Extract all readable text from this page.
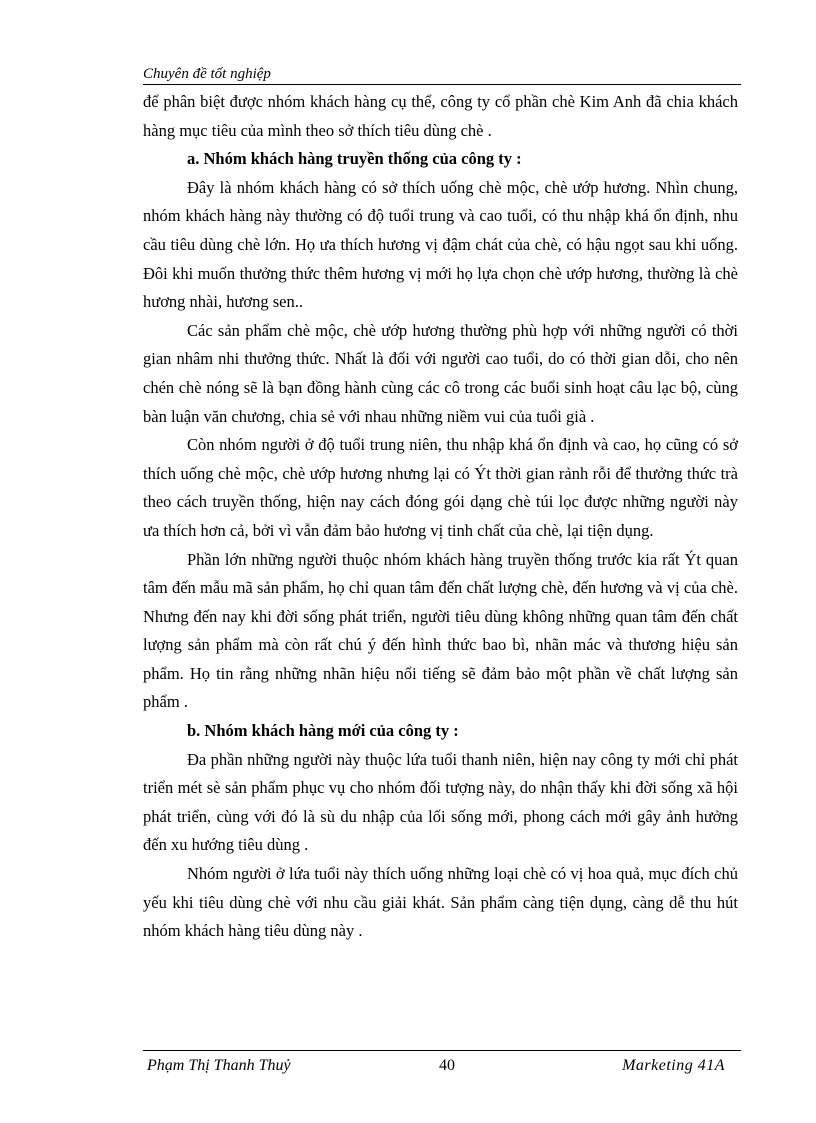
Chuyên đề tốt nghiệp

để phân biệt được nhóm khách hàng cụ thể, công ty cổ phần chè Kim Anh đã chia khách hàng mục tiêu của mình theo sở thích tiêu dùng chè .

a. Nhóm khách hàng truyền thống của công ty :

Đây là nhóm khách hàng có sở thích uống chè mộc, chè ướp hương. Nhìn chung, nhóm khách hàng này thường có độ tuổi trung và cao tuổi, có thu nhập khá ổn định, nhu cầu tiêu dùng chè lớn. Họ ưa thích hương vị đậm chát của chè, có hậu ngọt sau khi uống. Đôi khi muốn thưởng thức thêm hương vị mới họ lựa chọn chè ướp hương, thường là chè hương nhài, hương sen..

Các sản phẩm chè mộc, chè ướp hương thường phù hợp với những người có thời gian nhâm nhi thưởng thức. Nhất là đối với người cao tuổi, do có thời gian dỗi, cho nên chén chè nóng sẽ là bạn đồng hành cùng các cô trong các buổi sinh hoạt câu lạc bộ, cùng bàn luận văn chương, chia sẻ với nhau những niềm vui của tuổi già .

Còn nhóm người ở độ tuổi trung niên, thu nhập khá ổn định và cao, họ cũng có sở thích uống chè mộc, chè ướp hương nhưng lại có Ýt thời gian rảnh rỗi để thưởng thức trà theo cách truyền thống, hiện nay cách đóng gói dạng chè túi lọc được những người này ưa thích hơn cả, bởi vì vẫn đảm bảo hương vị tinh chất của chè, lại tiện dụng.

Phần lớn những người thuộc nhóm khách hàng truyền thống trước kia rất Ýt quan tâm đến mẫu mã sản phẩm, họ chỉ quan tâm đến chất lượng chè, đến hương và vị của chè. Nhưng đến nay khi đời sống phát triển, người tiêu dùng không những quan tâm đến chất lượng sản phẩm mà còn rất chú ý đến hình thức bao bì, nhãn mác và thương hiệu sản phẩm. Họ tin rằng những nhãn hiệu nổi tiếng sẽ đảm bảo một phần về chất lượng sản phẩm .

b. Nhóm khách hàng mới của công ty :

Đa phần những người này thuộc lứa tuổi thanh niên, hiện nay công ty mới chỉ phát triển mét sè sản phẩm phục vụ cho nhóm đối tượng này, do nhận thấy khi đời sống xã hội phát triển, cùng với đó là sù du nhập của lối sống mới, phong cách mới gây ảnh hưởng đến xu hướng tiêu dùng .

Nhóm người ở lứa tuổi này thích uống những loại chè có vị hoa quả, mục đích chủ yếu khi tiêu dùng chè với nhu cầu giải khát. Sản phẩm càng tiện dụng, càng dễ thu hút nhóm khách hàng tiêu dùng này .

Phạm Thị Thanh Thuỷ	40	Marketing 41A
